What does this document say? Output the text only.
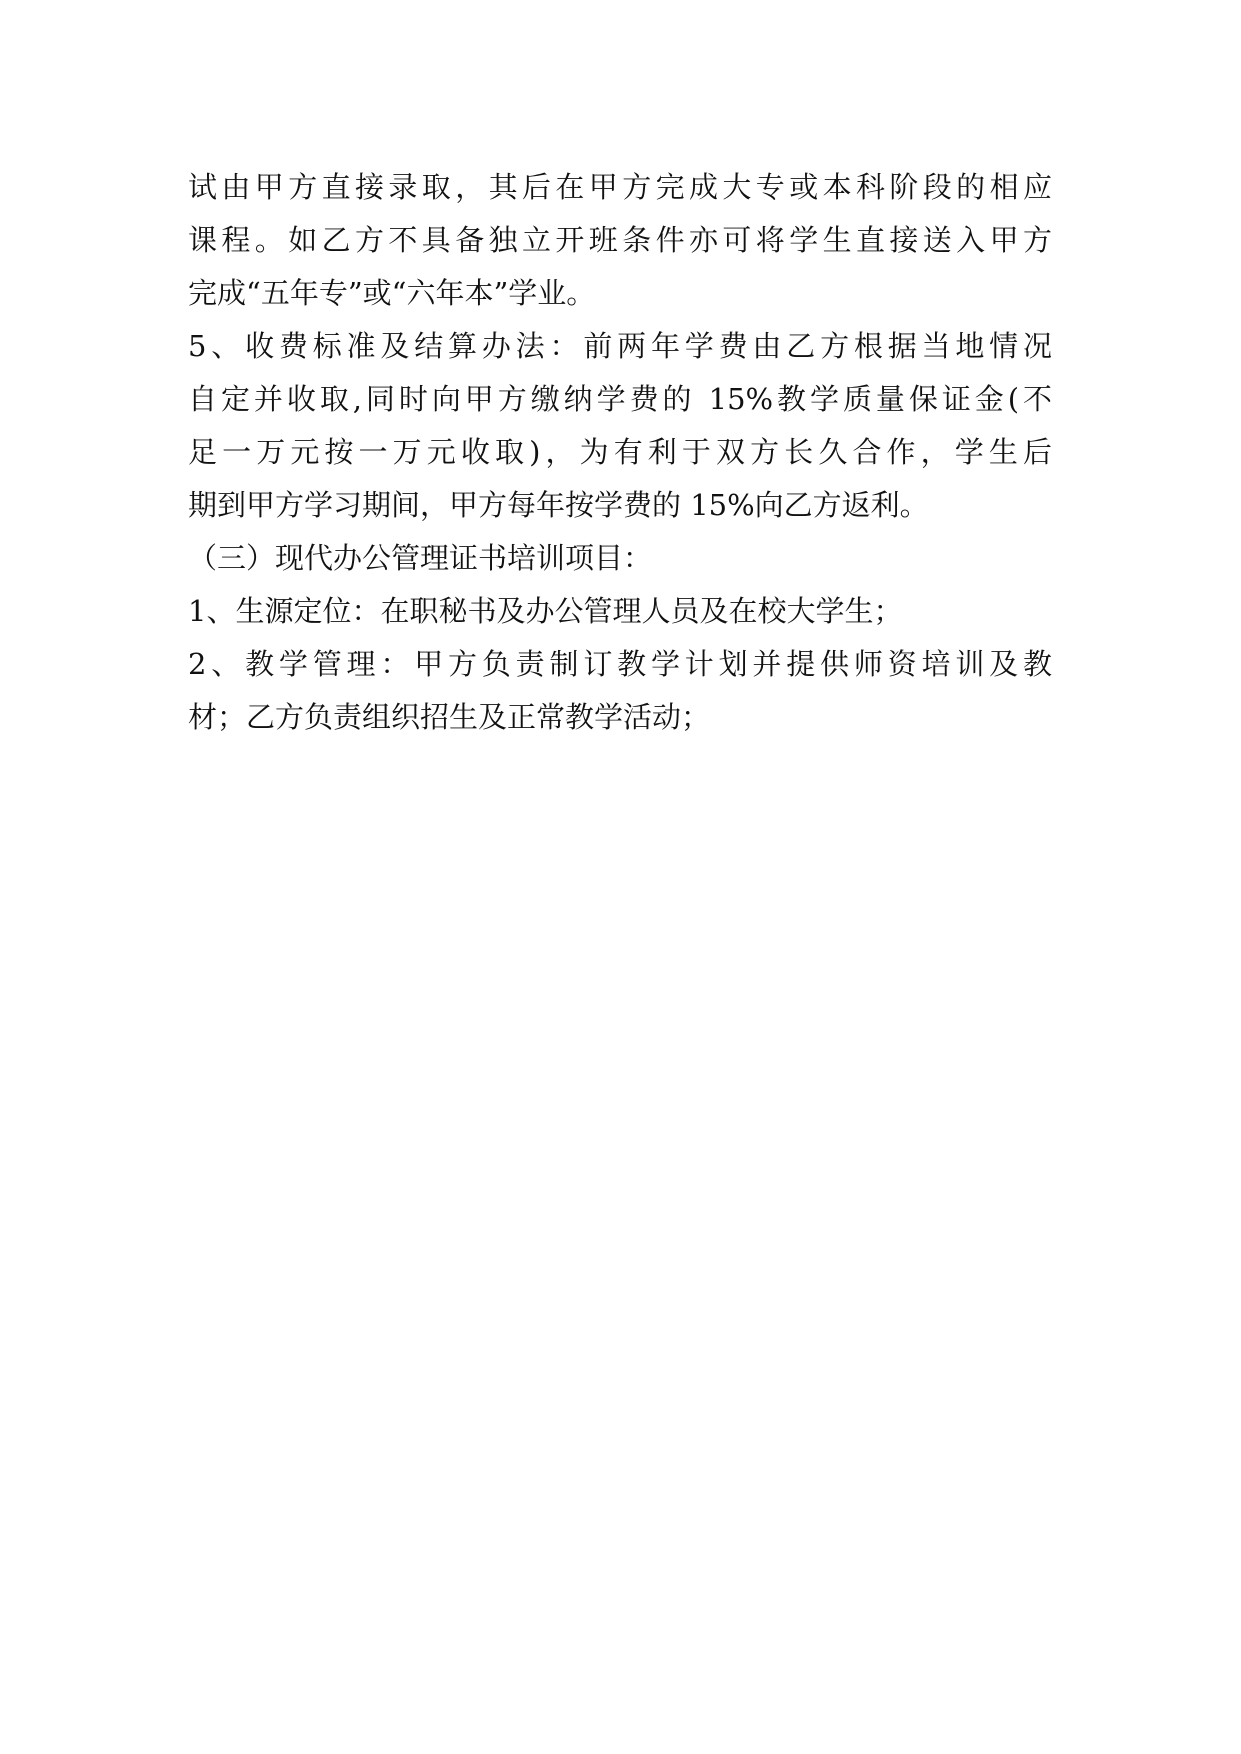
试由甲方直接录取，其后在甲方完成大专或本科阶段的相应
课程。如乙方不具备独立开班条件亦可将学生直接送入甲方
完成“五年专”或“六年本”学业。
5、收费标准及结算办法：前两年学费由乙方根据当地情况
自定并收取,同时向甲方缴纳学费的 15%教学质量保证金(不
足一万元按一万元收取)，为有利于双方长久合作，学生后
期到甲方学习期间，甲方每年按学费的 15%向乙方返利。
（三）现代办公管理证书培训项目：
1、生源定位：在职秘书及办公管理人员及在校大学生；
2、教学管理：甲方负责制订教学计划并提供师资培训及教
材；乙方负责组织招生及正常教学活动；
